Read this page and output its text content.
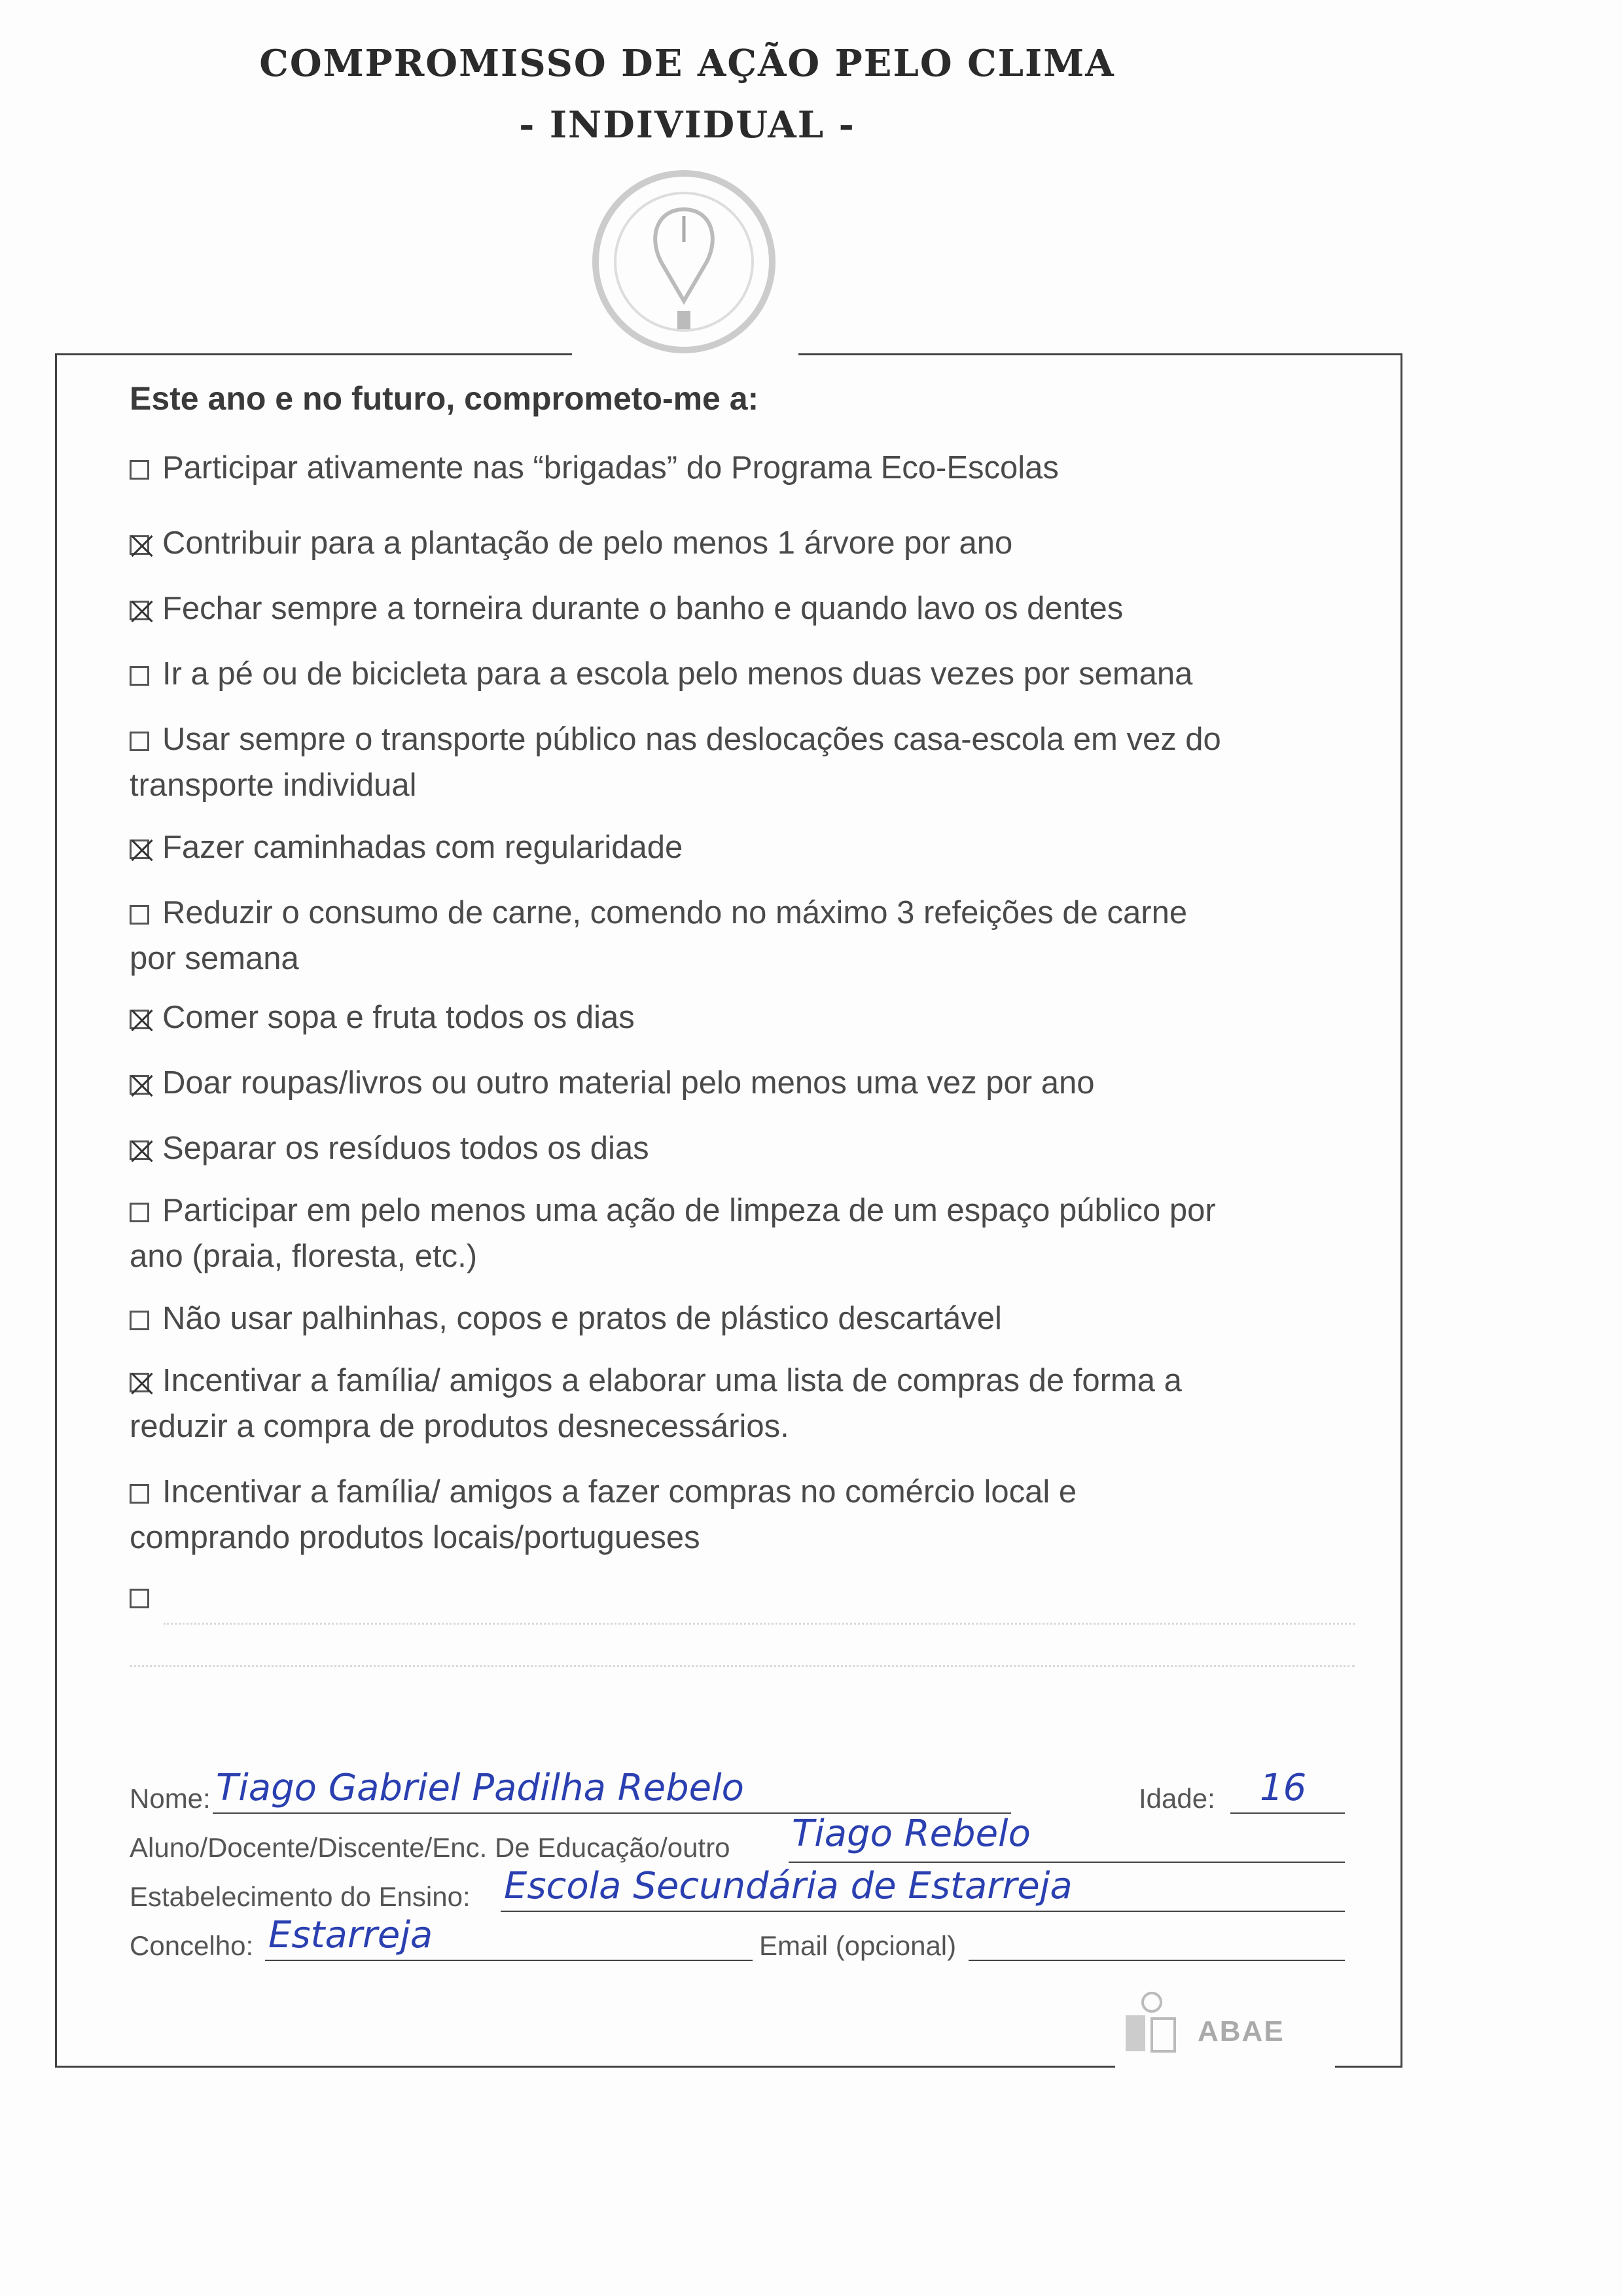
COMPROMISSO DE AÇÃO PELO CLIMA
- INDIVIDUAL -
Este ano e no futuro, comprometo-me a:
Participar ativamente nas “brigadas” do Programa Eco-Escolas
Contribuir para a plantação de pelo menos 1 árvore por ano
Fechar sempre a torneira durante o banho e quando lavo os dentes
Ir a pé ou de bicicleta para a escola pelo menos duas vezes por semana
Usar sempre o transporte público nas deslocações casa-escola em vez do
transporte individual
Fazer caminhadas com regularidade
Reduzir o consumo de carne, comendo no máximo 3 refeições de carne
por semana
Comer sopa e fruta todos os dias
Doar roupas/livros ou outro material pelo menos uma vez por ano
Separar os resíduos todos os dias
Participar em pelo menos uma ação de limpeza de um espaço público por
ano (praia, floresta, etc.)
Não usar palhinhas, copos e pratos de plástico descartável
Incentivar a família/ amigos a elaborar uma lista de compras de forma a
reduzir a compra de produtos desnecessários.
Incentivar a família/ amigos a fazer compras no comércio local e
comprando produtos locais/portugueses
Nome: Tiago Gabriel Padilha Rebelo	Idade: 16
Aluno/Docente/Discente/Enc. De Educação/outro Tiago Rebelo
Estabelecimento do Ensino: Escola Secundária de Estarreja
Concelho: Estarreja	Email (opcional)
ABAE
